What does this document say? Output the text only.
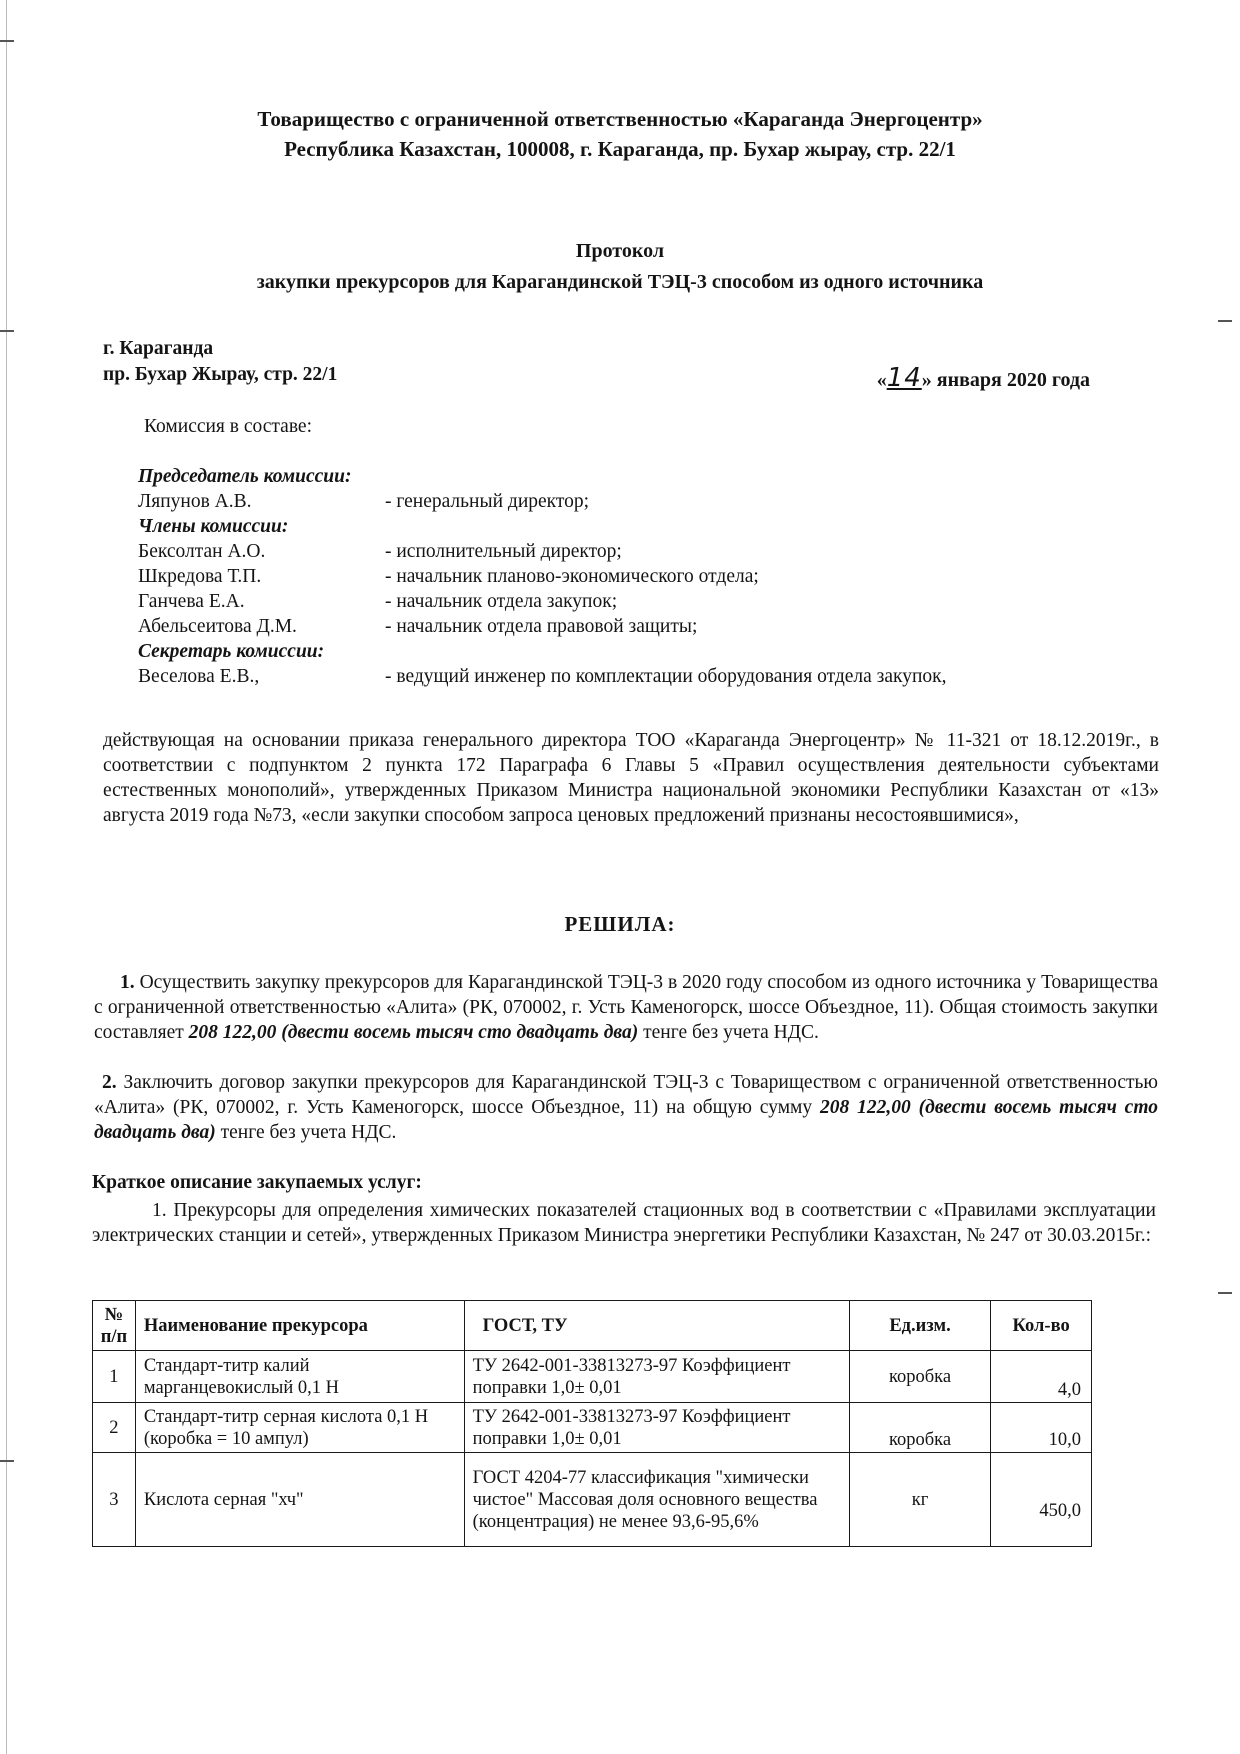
Товарищество с ограниченной ответственностью «Караганда Энергоцентр»
Республика Казахстан, 100008, г. Караганда, пр. Бухар жырау, стр. 22/1
Протокол
закупки прекурсоров для Карагандинской ТЭЦ-3 способом из одного источника
г. Караганда
пр. Бухар Жырау, стр. 22/1	«14» января 2020 года
Комиссия в составе:
Председатель комиссии:
Ляпунов А.В.	- генеральный директор;
Члены комиссии:
Бексолтан А.О.	- исполнительный директор;
Шкредова Т.П.	- начальник планово-экономического отдела;
Ганчева Е.А.	- начальник отдела закупок;
Абельсеитова Д.М.	- начальник отдела правовой защиты;
Секретарь комиссии:
Веселова Е.В.,	- ведущий инженер по комплектации оборудования отдела закупок,
действующая на основании приказа генерального директора ТОО «Караганда Энергоцентр» № 11-321 от 18.12.2019г., в соответствии с подпунктом 2 пункта 172 Параграфа 6 Главы 5 «Правил осуществления деятельности субъектами естественных монополий», утвержденных Приказом Министра национальной экономики Республики Казахстан от «13» августа 2019 года №73, «если закупки способом запроса ценовых предложений признаны несостоявшимися»,
РЕШИЛА:
1. Осуществить закупку прекурсоров для Карагандинской ТЭЦ-3 в 2020 году способом из одного источника у Товарищества с ограниченной ответственностью «Алита» (РК, 070002, г. Усть Каменогорск, шоссе Объездное, 11). Общая стоимость закупки составляет 208 122,00 (двести восемь тысяч сто двадцать два) тенге без учета НДС.
2. Заключить договор закупки прекурсоров для Карагандинской ТЭЦ-3 с Товариществом с ограниченной ответственностью «Алита» (РК, 070002, г. Усть Каменогорск, шоссе Объездное, 11) на общую сумму 208 122,00 (двести восемь тысяч сто двадцать два) тенге без учета НДС.
Краткое описание закупаемых услуг:
1. Прекурсоры для определения химических показателей стационных вод в соответствии с «Правилами эксплуатации электрических станции и сетей», утвержденных Приказом Министра энергетики Республики Казахстан, № 247 от 30.03.2015г.:
№ п/п	Наименование прекурсора	ГОСТ, ТУ	Ед.изм.	Кол-во
1	Стандарт-титр калий марганцевокислый 0,1 Н	ТУ 2642-001-33813273-97 Коэффициент поправки 1,0± 0,01	коробка	4,0
2	Стандарт-титр серная кислота 0,1 Н (коробка = 10 ампул)	ТУ 2642-001-33813273-97 Коэффициент поправки 1,0± 0,01	коробка	10,0
3	Кислота серная "хч"	ГОСТ 4204-77 классификация "химически чистое" Массовая доля основного вещества (концентрация) не менее 93,6-95,6%	кг	450,0
